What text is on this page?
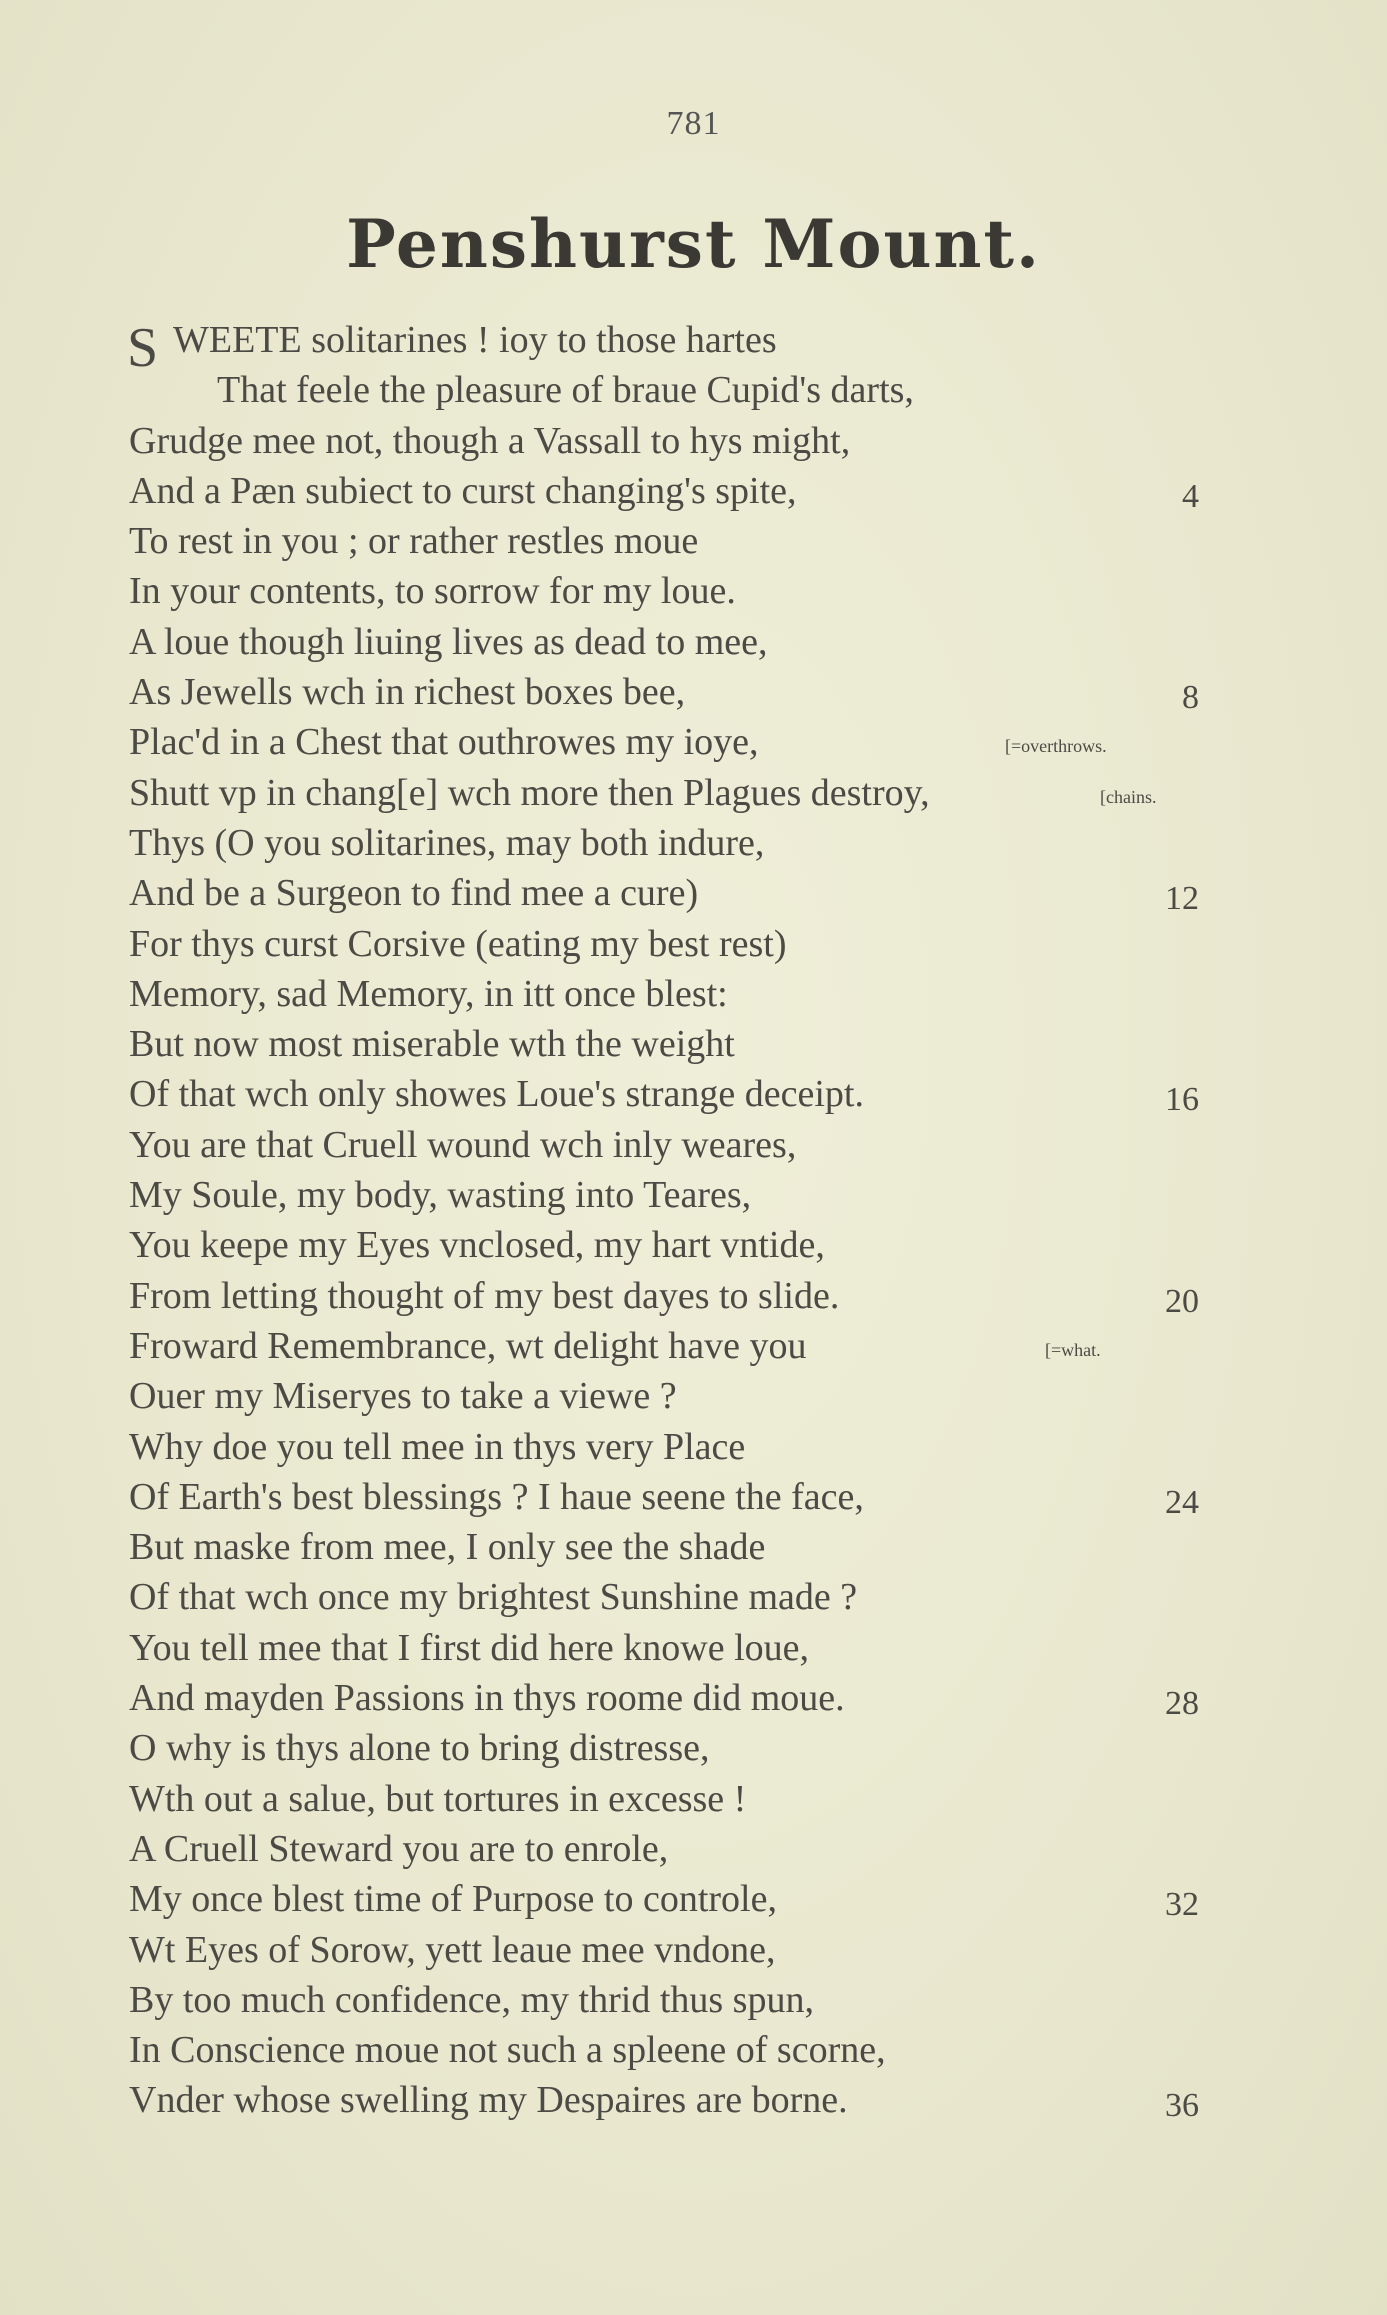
781
Penshurst Mount.
S WEETE solitarines ! ioy to those hartes
That feele the pleasure of braue Cupid's darts,
Grudge mee not, though a Vassall to hys might,
And a Pæn subiect to curst changing's spite,	4
To rest in you ; or rather restles moue
In your contents, to sorrow for my loue.
A loue though liuing lives as dead to mee,
As Jewells wch in richest boxes bee,	8
Plac'd in a Chest that outhrowes my ioye,	[=overthrows.
Shutt vp in chang[e] wch more then Plagues destroy,	[chains.
Thys (O you solitarines, may both indure,
And be a Surgeon to find mee a cure)	12
For thys curst Corsive (eating my best rest)
Memory, sad Memory, in itt once blest:
But now most miserable wth the weight
Of that wch only showes Loue's strange deceipt.	16
You are that Cruell wound wch inly weares,
My Soule, my body, wasting into Teares,
You keepe my Eyes vnclosed, my hart vntide,
From letting thought of my best dayes to slide.	20
Froward Remembrance, wt delight have you	[=what.
Ouer my Miseryes to take a viewe ?
Why doe you tell mee in thys very Place
Of Earth's best blessings ? I haue seene the face,	24
But maske from mee, I only see the shade
Of that wch once my brightest Sunshine made ?
You tell mee that I first did here knowe loue,
And mayden Passions in thys roome did moue.	28
O why is thys alone to bring distresse,
Wth out a salue, but tortures in excesse !
A Cruell Steward you are to enrole,
My once blest time of Purpose to controle,	32
Wt Eyes of Sorow, yett leaue mee vndone,
By too much confidence, my thrid thus spun,
In Conscience moue not such a spleene of scorne,
Vnder whose swelling my Despaires are borne.	36
